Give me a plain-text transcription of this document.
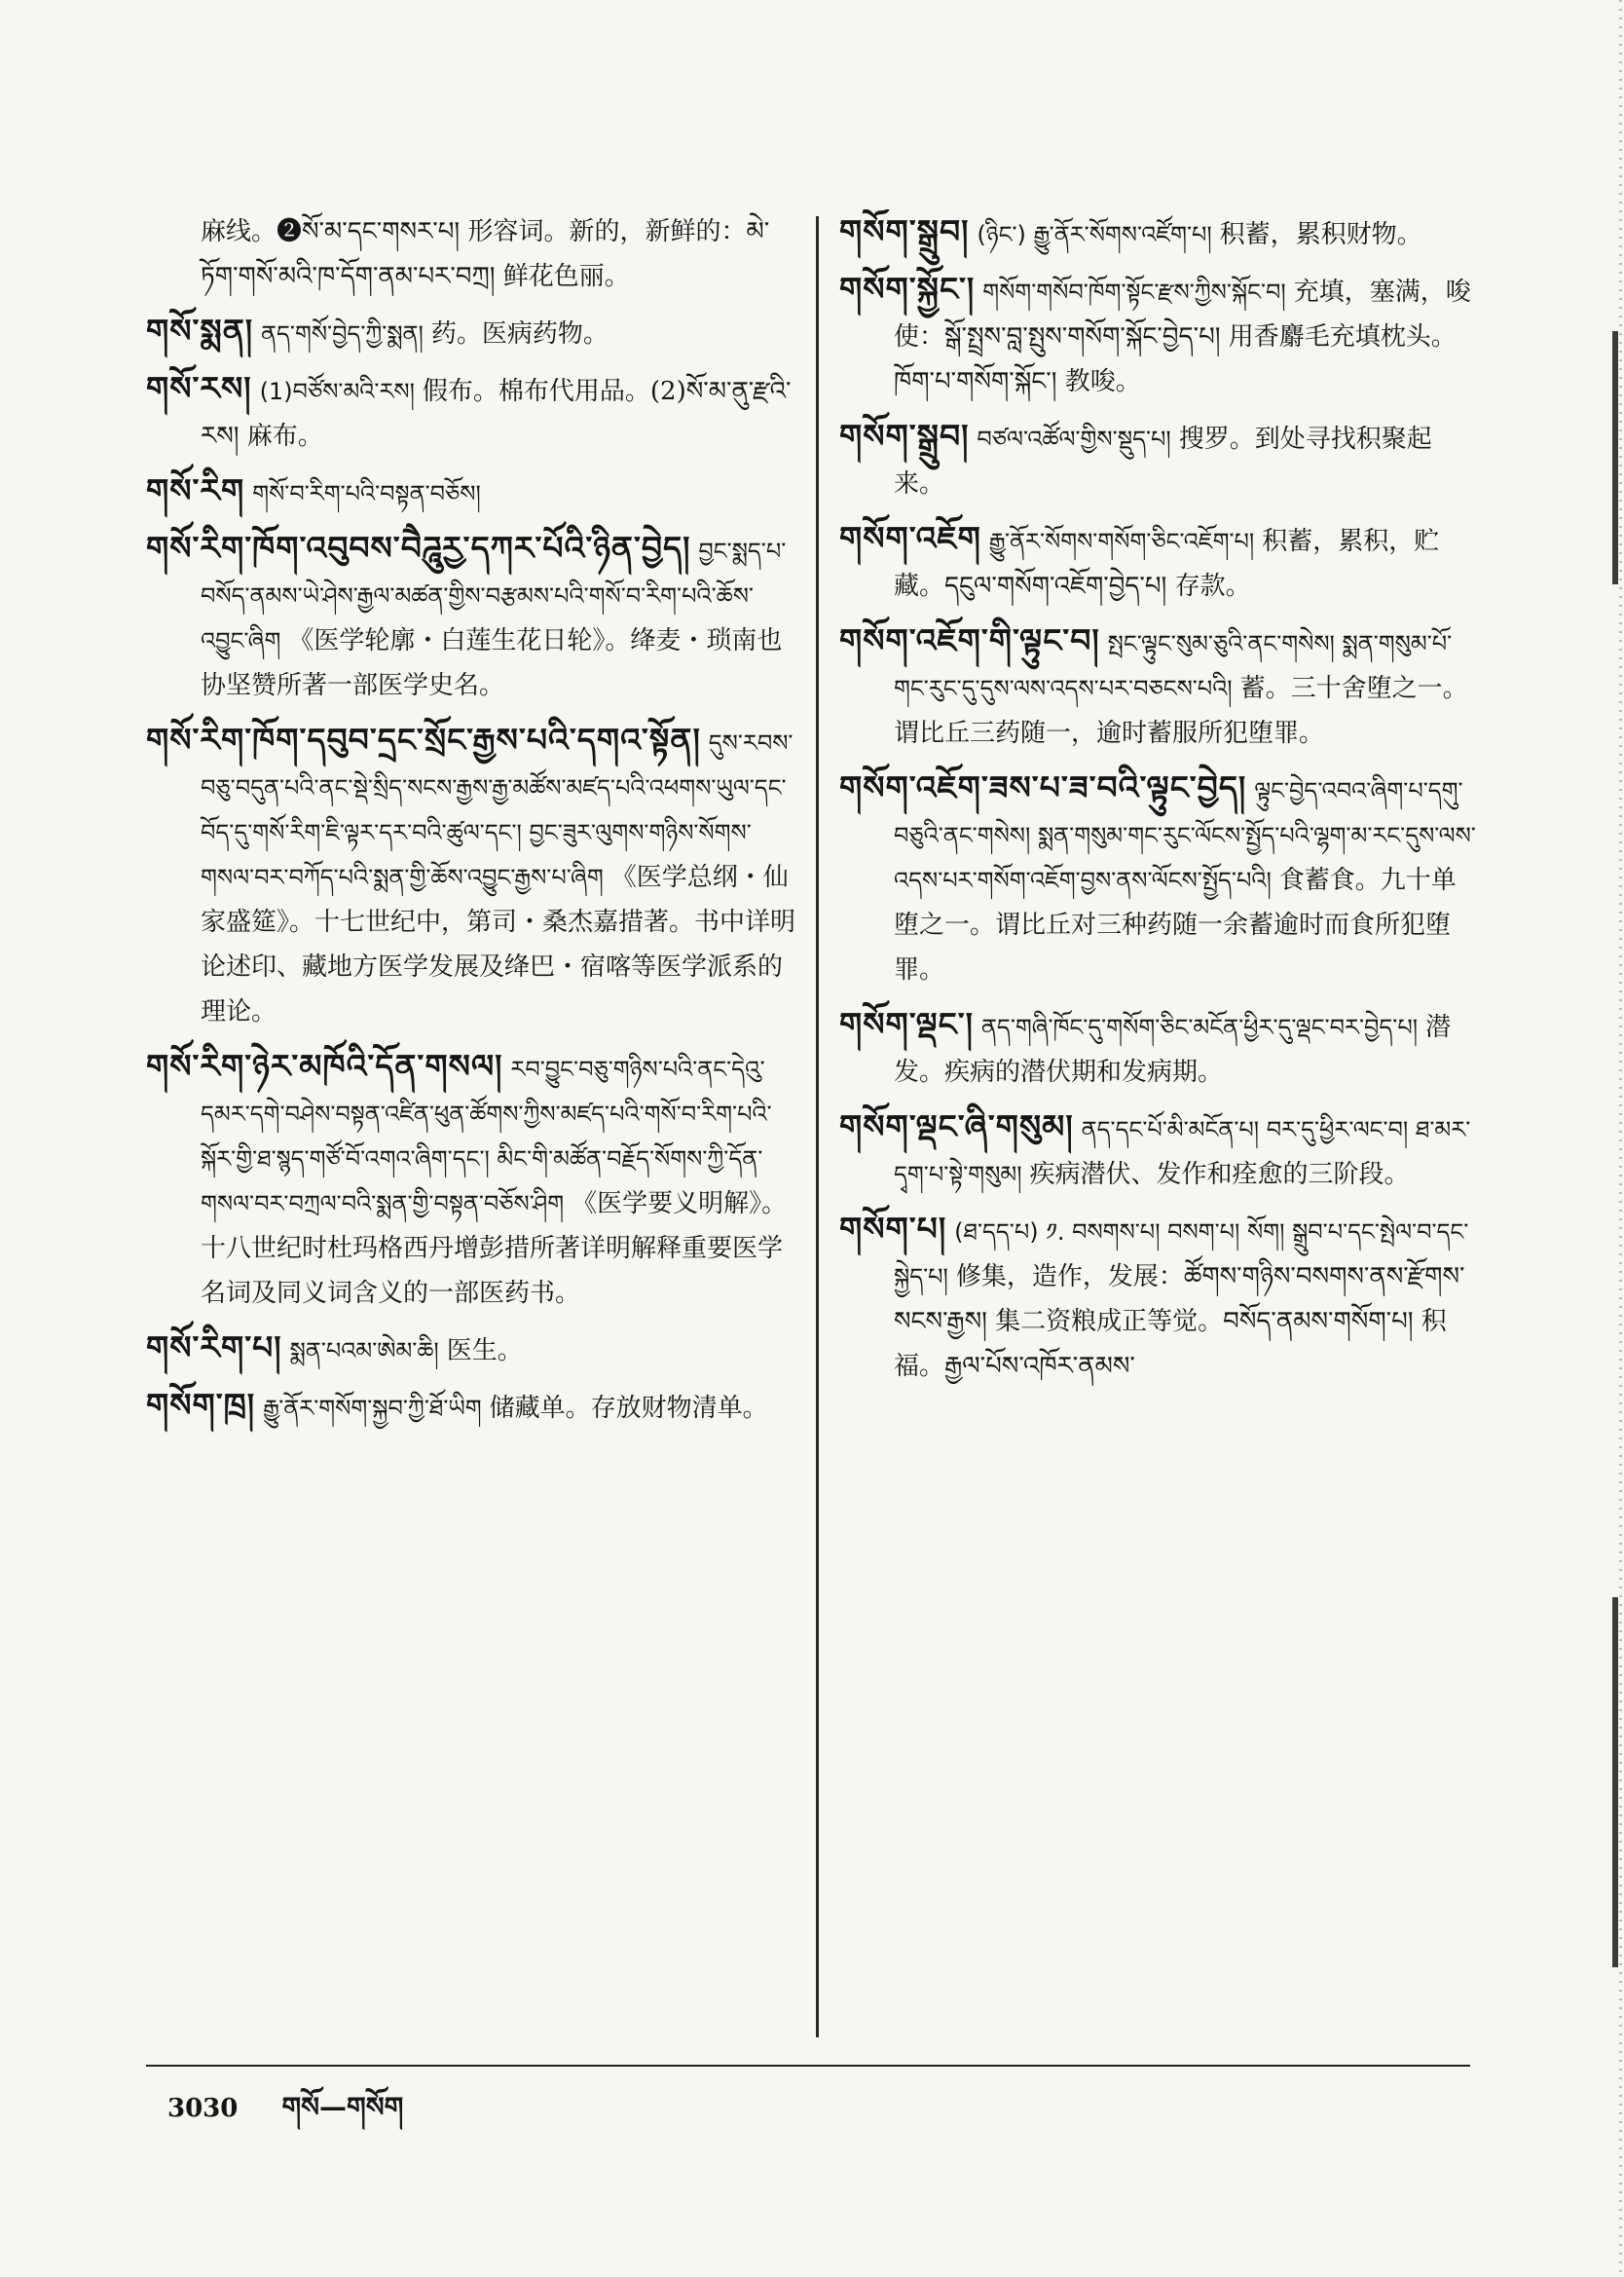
麻线。❷སོ་མ་དང་གསར་པ། 形容词。新的，新鲜的：མེ་ཏོག་གསོ་མའི་ཁ་དོག་ནམ་པར་བཀྲ། 鲜花色丽。

གསོ་སྨན། ནད་གསོ་བྱེད་ཀྱི་སྨན། 药。医病药物。

གསོ་རས། (1)བཙོས་མའི་རས། 假布。棉布代用品。(2)སོ་མ་ནུ་རྫའི་རས། 麻布。

གསོ་རིག གསོ་བ་རིག་པའི་བསྟན་བཅོས།

གསོ་རིག་ཁོག་འབུབས་བཻཌཱུརྱ་དཀར་པོའི་ཉིན་བྱེད། བྱང་སྨད་པ་བསོད་ནམས་ཡེ་ཤེས་རྒྱལ་མཚན་གྱིས་བརྩམས་པའི་གསོ་བ་རིག་པའི་ཆོས་འབྱུང་ཞིག 《医学轮廓・白莲生花日轮》。绛麦・琐南也协坚赞所著一部医学史名。

གསོ་རིག་ཁོག་དབུབ་དྲང་སྲོང་རྒྱས་པའི་དགའ་སྟོན། དུས་རབས་བཅུ་བདུན་པའི་ནང་སྡེ་སྲིད་སངས་རྒྱས་རྒྱ་མཚོས་མཛད་པའི་འཕགས་ཡུལ་དང་བོད་དུ་གསོ་རིག་ཇི་ལྟར་དར་བའི་ཚུལ་དང་། བྱང་ཟུར་ལུགས་གཉིས་སོགས་གསལ་བར་བཀོད་པའི་སྨན་གྱི་ཆོས་འབྱུང་རྒྱས་པ་ཞིག 《医学总纲・仙家盛筵》。十七世纪中，第司・桑杰嘉措著。书中详明论述印、藏地方医学发展及绛巴・宿喀等医学派系的理论。

གསོ་རིག་ཉེར་མཁོའི་དོན་གསལ། རབ་བྱུང་བཅུ་གཉིས་པའི་ནང་དེའུ་དམར་དགེ་བཤེས་བསྟན་འཛིན་ཕུན་ཚོགས་ཀྱིས་མཛད་པའི་གསོ་བ་རིག་པའི་སྐོར་གྱི་ཐ་སྙད་གཙོ་བོ་འགའ་ཞིག་དང་། མིང་གི་མཚོན་བརྗོད་སོགས་ཀྱི་དོན་གསལ་བར་བཀྲལ་བའི་སྨན་གྱི་བསྟན་བཅོས་ཤིག 《医学要义明解》。十八世纪时杜玛格西丹增彭措所著详明解释重要医学名词及同义词含义的一部医药书。

གསོ་རིག་པ། སྨན་པའམ་ཨེམ་ཆི། 医生。

གསོག་ཁྲ། རྒྱུ་ནོར་གསོག་སྐྱབ་ཀྱི་ཐོ་ཡིག 储藏单。存放财物清单。

གསོག་སྒྲུབ། (ཉིང་) རྒྱུ་ནོར་སོགས་འཛོག་པ། 积蓄，累积财物。

གསོག་སྐྱོང་། གསོག་གསོབ་ཁོག་སྟོང་རྫས་ཀྱིས་སྐོང་བ། 充填，塞满，唆使：སྒོ་སྤྲས་བླ་སྤུས་གསོག་སྐོང་བྱེད་པ། 用香麝毛充填枕头。ཁོག་པ་གསོག་སྐོང་། 教唆。

གསོག་སྒྲུབ། བཙལ་འཚོལ་གྱིས་སྡུད་པ། 搜罗。到处寻找积聚起来。

གསོག་འཇོག རྒྱུ་ནོར་སོགས་གསོག་ཅིང་འཇོག་པ། 积蓄，累积，贮藏。དངུལ་གསོག་འཇོག་བྱེད་པ། 存款。

གསོག་འཇོག་གི་ལྟུང་བ། སྤང་ལྟུང་སུམ་ཅུའི་ནང་གསེས། སྨན་གསུམ་པོ་གང་རུང་དུ་དུས་ལས་འདས་པར་བཅངས་པའི། 蓄。三十舍堕之一。谓比丘三药随一，逾时蓄服所犯堕罪。

གསོག་འཇོག་ཟས་པ་ཟ་བའི་ལྟུང་བྱེད། ལྟུང་བྱེད་འབའ་ཞིག་པ་དགུ་བཅུའི་ནང་གསེས། སྨན་གསུམ་གང་རུང་ལོངས་སྤྱོད་པའི་ལྷག་མ་རང་དུས་ལས་འདས་པར་གསོག་འཇོག་བྱས་ནས་ལོངས་སྤྱོད་པའི། 食蓄食。九十单堕之一。谓比丘对三种药随一余蓄逾时而食所犯堕罪。

གསོག་ལྡང་། ནད་གཞི་ཁོང་དུ་གསོག་ཅིང་མངོན་ཕྱིར་དུ་ལྡང་བར་བྱེད་པ། 潜发。疾病的潜伏期和发病期。

གསོག་ལྡང་ཞི་གསུམ། ནད་དང་པོ་མི་མངོན་པ། བར་དུ་ཕྱིར་ལང་བ། ཐ་མར་དྭག་པ་སྟེ་གསུམ། 疾病潜伏、发作和痊愈的三阶段。

གསོག་པ། (ཐ་དད་པ) ༡. བསགས་པ། བསག་པ། སོག། སྒྲུབ་པ་དང་སྤེལ་བ་དང་སྐྱེད་པ། 修集，造作，发展：ཚོགས་གཉིས་བསགས་ནས་རྫོགས་སངས་རྒྱས། 集二资粮成正等觉。བསོད་ནམས་གསོག་པ། 积福。རྒྱལ་པོས་འཁོར་ནམས་

3030 གསོ—གསོག
